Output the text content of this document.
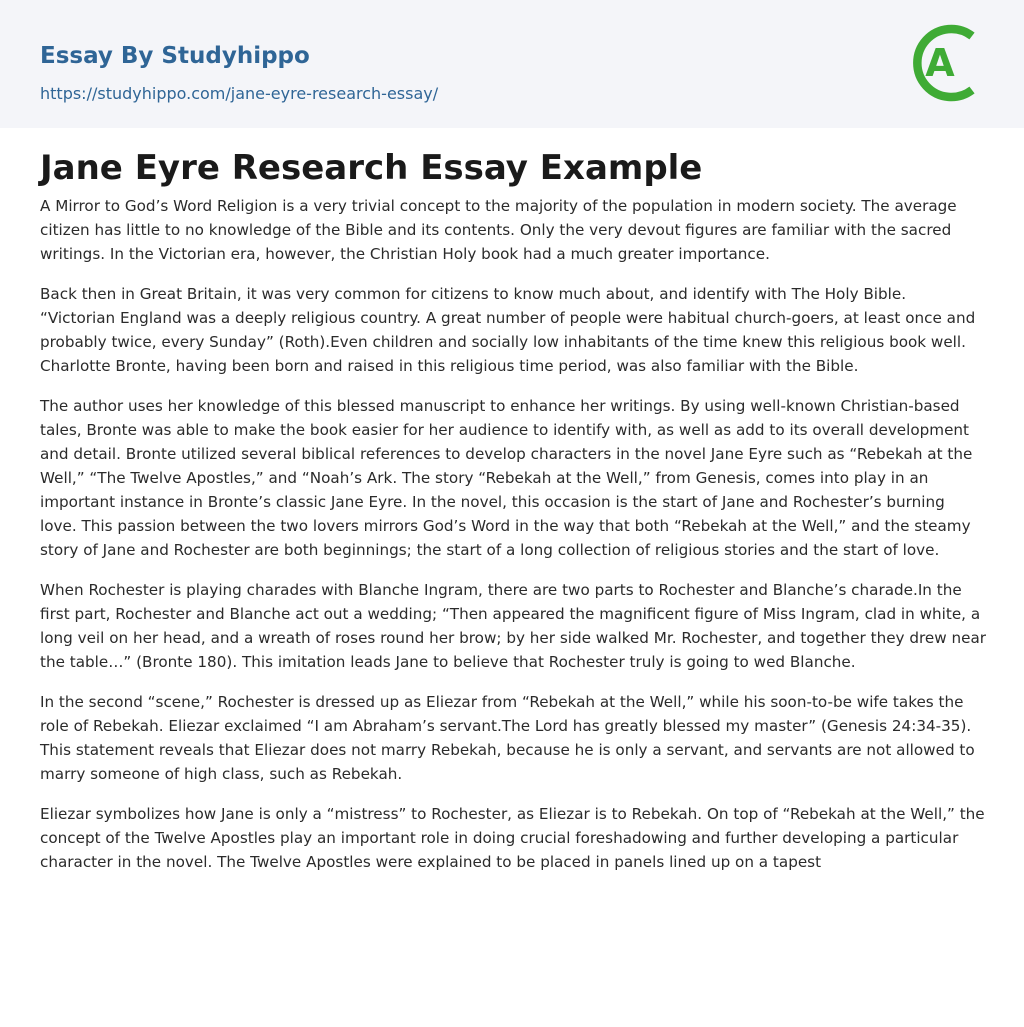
Essay By Studyhippo
https://studyhippo.com/jane-eyre-research-essay/
A
Jane Eyre Research Essay Example

A Mirror to God’s Word Religion is a very trivial concept to the majority of the population in modern society. The average citizen has little to no knowledge of the Bible and its contents. Only the very devout figures are familiar with the sacred writings. In the Victorian era, however, the Christian Holy book had a much greater importance.

Back then in Great Britain, it was very common for citizens to know much about, and identify with The Holy Bible. “Victorian England was a deeply religious country. A great number of people were habitual church-goers, at least once and probably twice, every Sunday” (Roth).Even children and socially low inhabitants of the time knew this religious book well. Charlotte Bronte, having been born and raised in this religious time period, was also familiar with the Bible.

The author uses her knowledge of this blessed manuscript to enhance her writings. By using well-known Christian-based tales, Bronte was able to make the book easier for her audience to identify with, as well as add to its overall development and detail. Bronte utilized several biblical references to develop characters in the novel Jane Eyre such as “Rebekah at the Well,” “The Twelve Apostles,” and “Noah’s Ark. The story “Rebekah at the Well,” from Genesis, comes into play in an important instance in Bronte’s classic Jane Eyre. In the novel, this occasion is the start of Jane and Rochester’s burning love. This passion between the two lovers mirrors God’s Word in the way that both “Rebekah at the Well,” and the steamy story of Jane and Rochester are both beginnings; the start of a long collection of religious stories and the start of love.

When Rochester is playing charades with Blanche Ingram, there are two parts to Rochester and Blanche’s charade.In the first part, Rochester and Blanche act out a wedding; “Then appeared the magnificent figure of Miss Ingram, clad in white, a long veil on her head, and a wreath of roses round her brow; by her side walked Mr. Rochester, and together they drew near the table…” (Bronte 180). This imitation leads Jane to believe that Rochester truly is going to wed Blanche.

In the second “scene,” Rochester is dressed up as Eliezar from “Rebekah at the Well,” while his soon-to-be wife takes the role of Rebekah. Eliezar exclaimed “I am Abraham’s servant.The Lord has greatly blessed my master” (Genesis 24:34-35). This statement reveals that Eliezar does not marry Rebekah, because he is only a servant, and servants are not allowed to marry someone of high class, such as Rebekah.

Eliezar symbolizes how Jane is only a “mistress” to Rochester, as Eliezar is to Rebekah. On top of “Rebekah at the Well,” the concept of the Twelve Apostles play an important role in doing crucial foreshadowing and further developing a particular character in the novel. The Twelve Apostles were explained to be placed in panels lined up on a tapest
